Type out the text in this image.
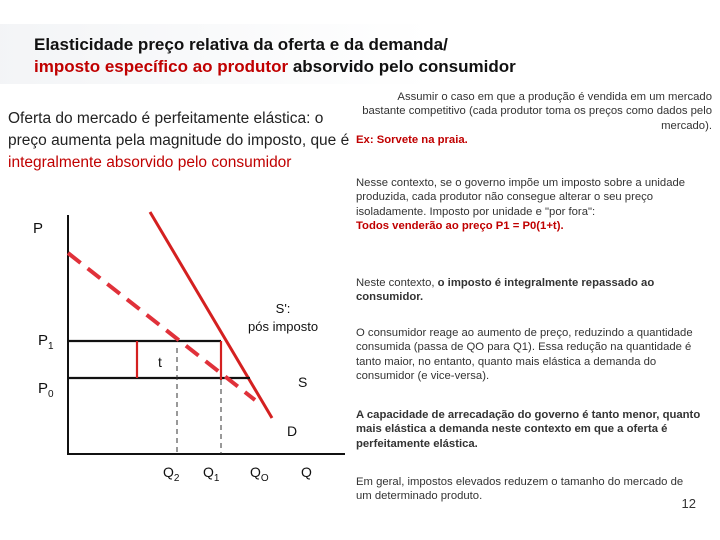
Elasticidade preço relativa da oferta e da demanda/
imposto específico ao produtor absorvido pelo consumidor
Oferta do mercado é perfeitamente elástica: o preço aumenta pela magnitude do imposto, que é integralmente absorvido pelo consumidor
P
$P_1$
$P_0$
t
S':
pós imposto
S
D
$Q_2$ $Q_1$ $Q_O$ Q
Assumir o caso em que a produção é vendida em um mercado bastante competitivo (cada produtor toma os preços como dados pelo mercado).

Ex: Sorvete na praia.
Nesse contexto, se o governo impõe um imposto sobre a unidade produzida, cada produtor não consegue alterar o seu preço isoladamente. Imposto por unidade e "por fora":
Todos venderão ao preço P1 = P0(1+t).
Neste contexto, o imposto é integralmente repassado ao consumidor.
O consumidor reage ao aumento de preço, reduzindo a quantidade consumida (passa de QO para Q1). Essa redução na quantidade é tanto maior, no entanto, quanto mais elástica a demanda do consumidor (e vice-versa).
A capacidade de arrecadação do governo é tanto menor, quanto mais elástica a demanda neste contexto em que a oferta é perfeitamente elástica.
Em geral, impostos elevados reduzem o tamanho do mercado de um determinado produto.	12
